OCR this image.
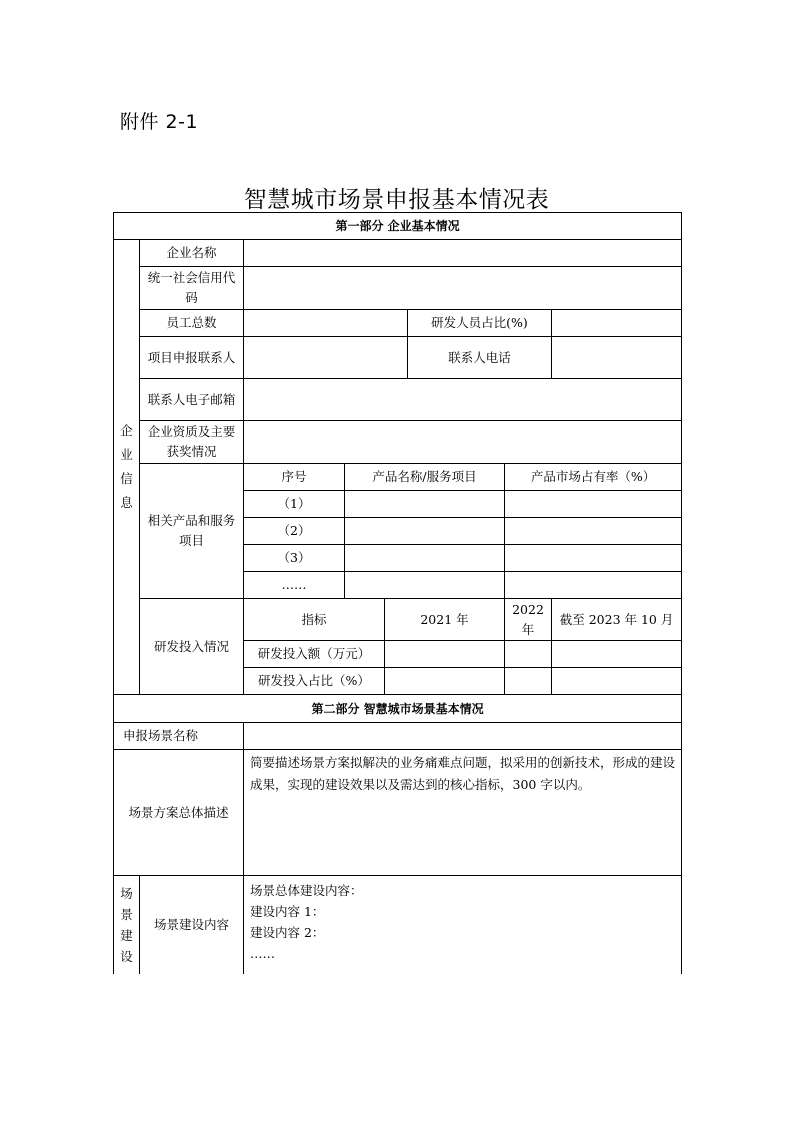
附件 2-1
智慧城市场景申报基本情况表
第一部分 企业基本情况							
企业信息	企业名称						
	统一社会信用代码						
	员工总数				研发人员占比(%)		
	项目申报联系人				联系人电话		
	联系人电子邮箱						
	企业资质及主要获奖情况						
	相关产品和服务项目	序号	产品名称/服务项目			产品市场占有率（%）	
		（1）					
		（2）					
		（3）					
		……					
	研发投入情况	指标		2021 年		2022 年	截至 2023 年 10 月
		研发投入额（万元）					
		研发投入占比（%）					
第二部分 智慧城市场景基本情况							
申报场景名称							
场景方案总体描述		简要描述场景方案拟解决的业务痛难点问题，拟采用的创新技术，形成的建设成果，实现的建设效果以及需达到的核心指标，300 字以内。					
场景建设	场景建设内容	场景总体建设内容：
建设内容 1：
建设内容 2：
……					
